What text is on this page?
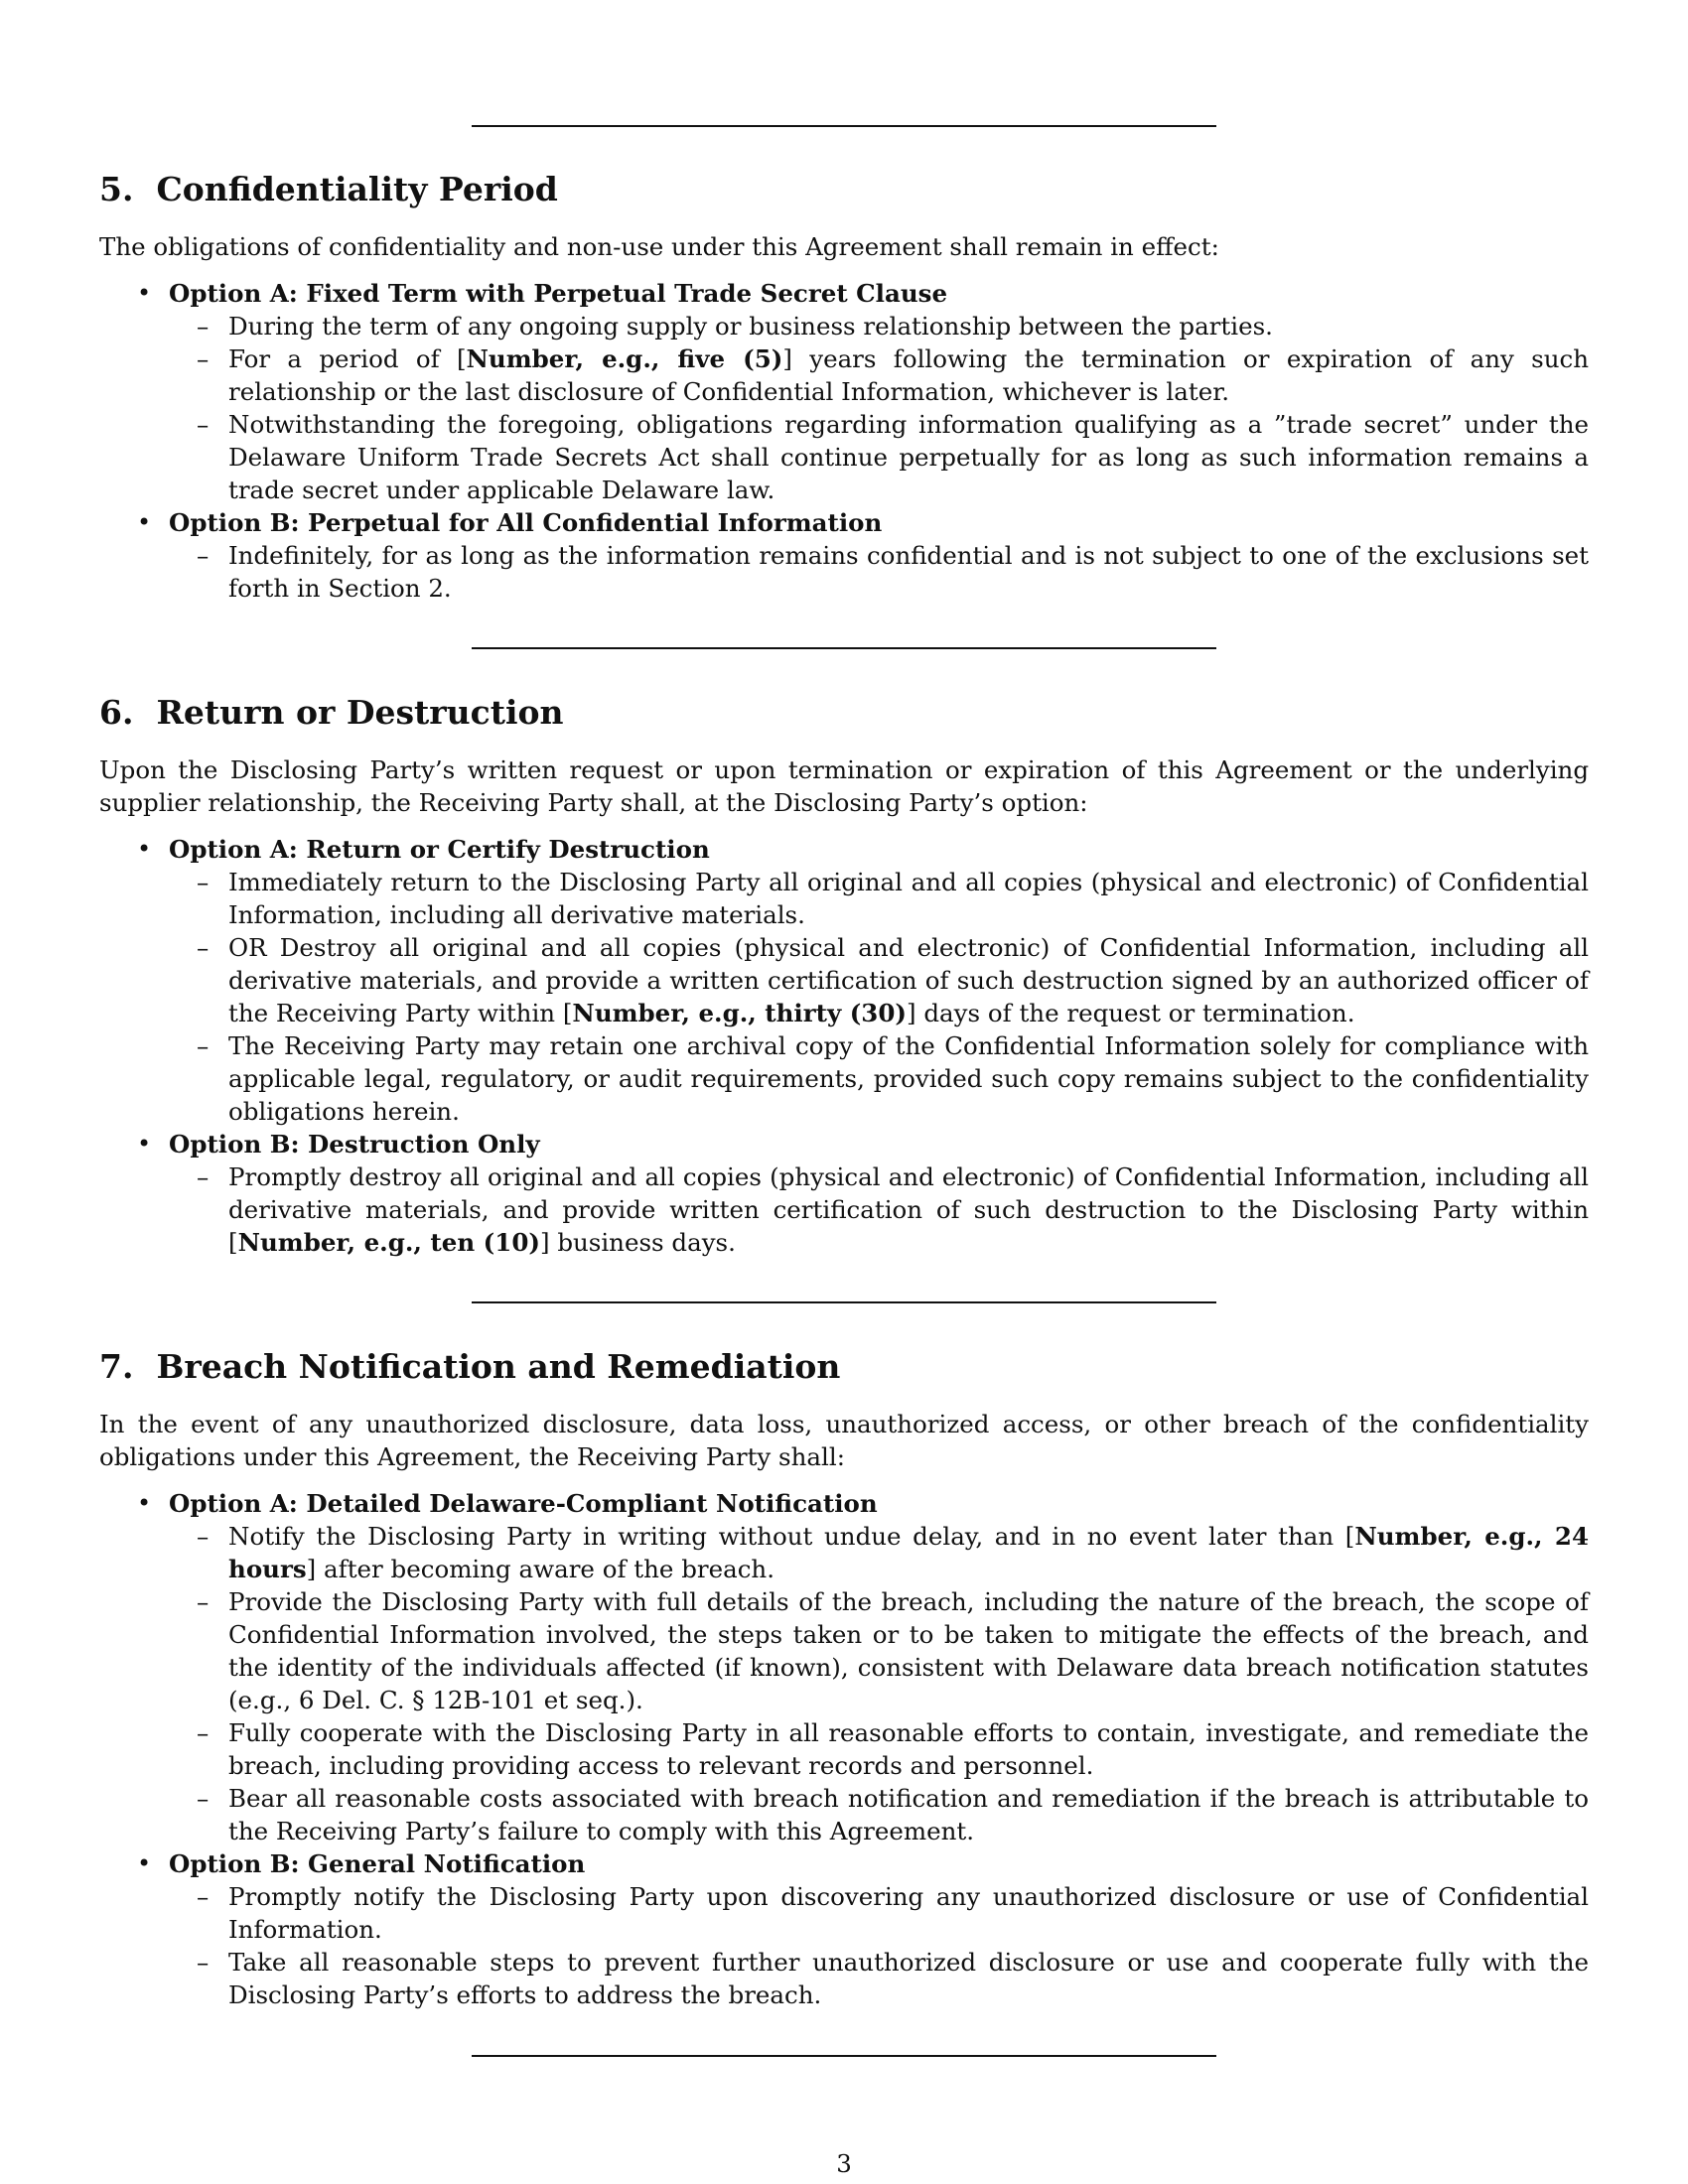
5. Confidentiality Period

The obligations of confidentiality and non-use under this Agreement shall remain in effect:

• Option A: Fixed Term with Perpetual Trade Secret Clause
– During the term of any ongoing supply or business relationship between the parties.
– For a period of [Number, e.g., five (5)] years following the termination or expiration of any such relationship or the last disclosure of Confidential Information, whichever is later.
– Notwithstanding the foregoing, obligations regarding information qualifying as a ”trade secret” under the Delaware Uniform Trade Secrets Act shall continue perpetually for as long as such information remains a trade secret under applicable Delaware law.
• Option B: Perpetual for All Confidential Information
– Indefinitely, for as long as the information remains confidential and is not subject to one of the exclusions set forth in Section 2.
6. Return or Destruction

Upon the Disclosing Party’s written request or upon termination or expiration of this Agreement or the underlying supplier relationship, the Receiving Party shall, at the Disclosing Party’s option:

• Option A: Return or Certify Destruction
– Immediately return to the Disclosing Party all original and all copies (physical and electronic) of Confidential Information, including all derivative materials.
– OR Destroy all original and all copies (physical and electronic) of Confidential Information, including all derivative materials, and provide a written certification of such destruction signed by an authorized officer of the Receiving Party within [Number, e.g., thirty (30)] days of the request or termination.
– The Receiving Party may retain one archival copy of the Confidential Information solely for compliance with applicable legal, regulatory, or audit requirements, provided such copy remains subject to the confidentiality obligations herein.
• Option B: Destruction Only
– Promptly destroy all original and all copies (physical and electronic) of Confidential Information, including all derivative materials, and provide written certification of such destruction to the Disclosing Party within [Number, e.g., ten (10)] business days.
7. Breach Notification and Remediation

In the event of any unauthorized disclosure, data loss, unauthorized access, or other breach of the confidentiality obligations under this Agreement, the Receiving Party shall:

• Option A: Detailed Delaware-Compliant Notification
– Notify the Disclosing Party in writing without undue delay, and in no event later than [Number, e.g., 24 hours] after becoming aware of the breach.
– Provide the Disclosing Party with full details of the breach, including the nature of the breach, the scope of Confidential Information involved, the steps taken or to be taken to mitigate the effects of the breach, and the identity of the individuals affected (if known), consistent with Delaware data breach notification statutes (e.g., 6 Del. C. § 12B-101 et seq.).
– Fully cooperate with the Disclosing Party in all reasonable efforts to contain, investigate, and remediate the breach, including providing access to relevant records and personnel.
– Bear all reasonable costs associated with breach notification and remediation if the breach is attributable to the Receiving Party’s failure to comply with this Agreement.
• Option B: General Notification
– Promptly notify the Disclosing Party upon discovering any unauthorized disclosure or use of Confidential Information.
– Take all reasonable steps to prevent further unauthorized disclosure or use and cooperate fully with the Disclosing Party’s efforts to address the breach.
3
